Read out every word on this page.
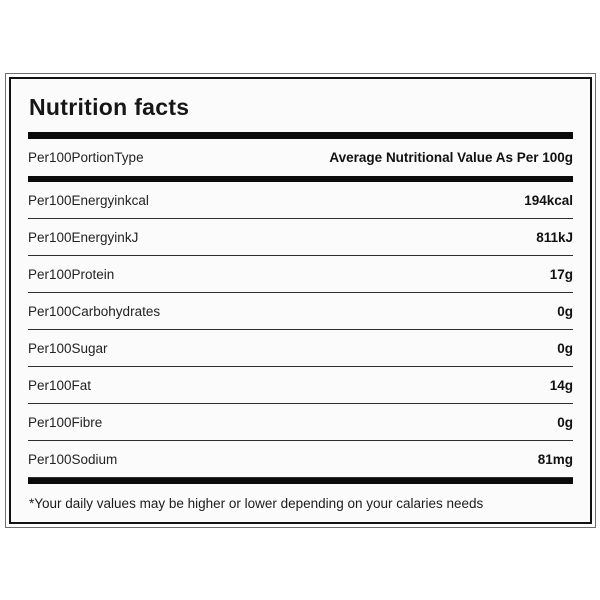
Nutrition facts
Per100PortionType	Average Nutritional Value As Per 100g
Per100Energyinkcal	194kcal
Per100EnergyinkJ	811kJ
Per100Protein	17g
Per100Carbohydrates	0g
Per100Sugar	0g
Per100Fat	14g
Per100Fibre	0g
Per100Sodium	81mg
*Your daily values may be higher or lower depending on your calaries needs
